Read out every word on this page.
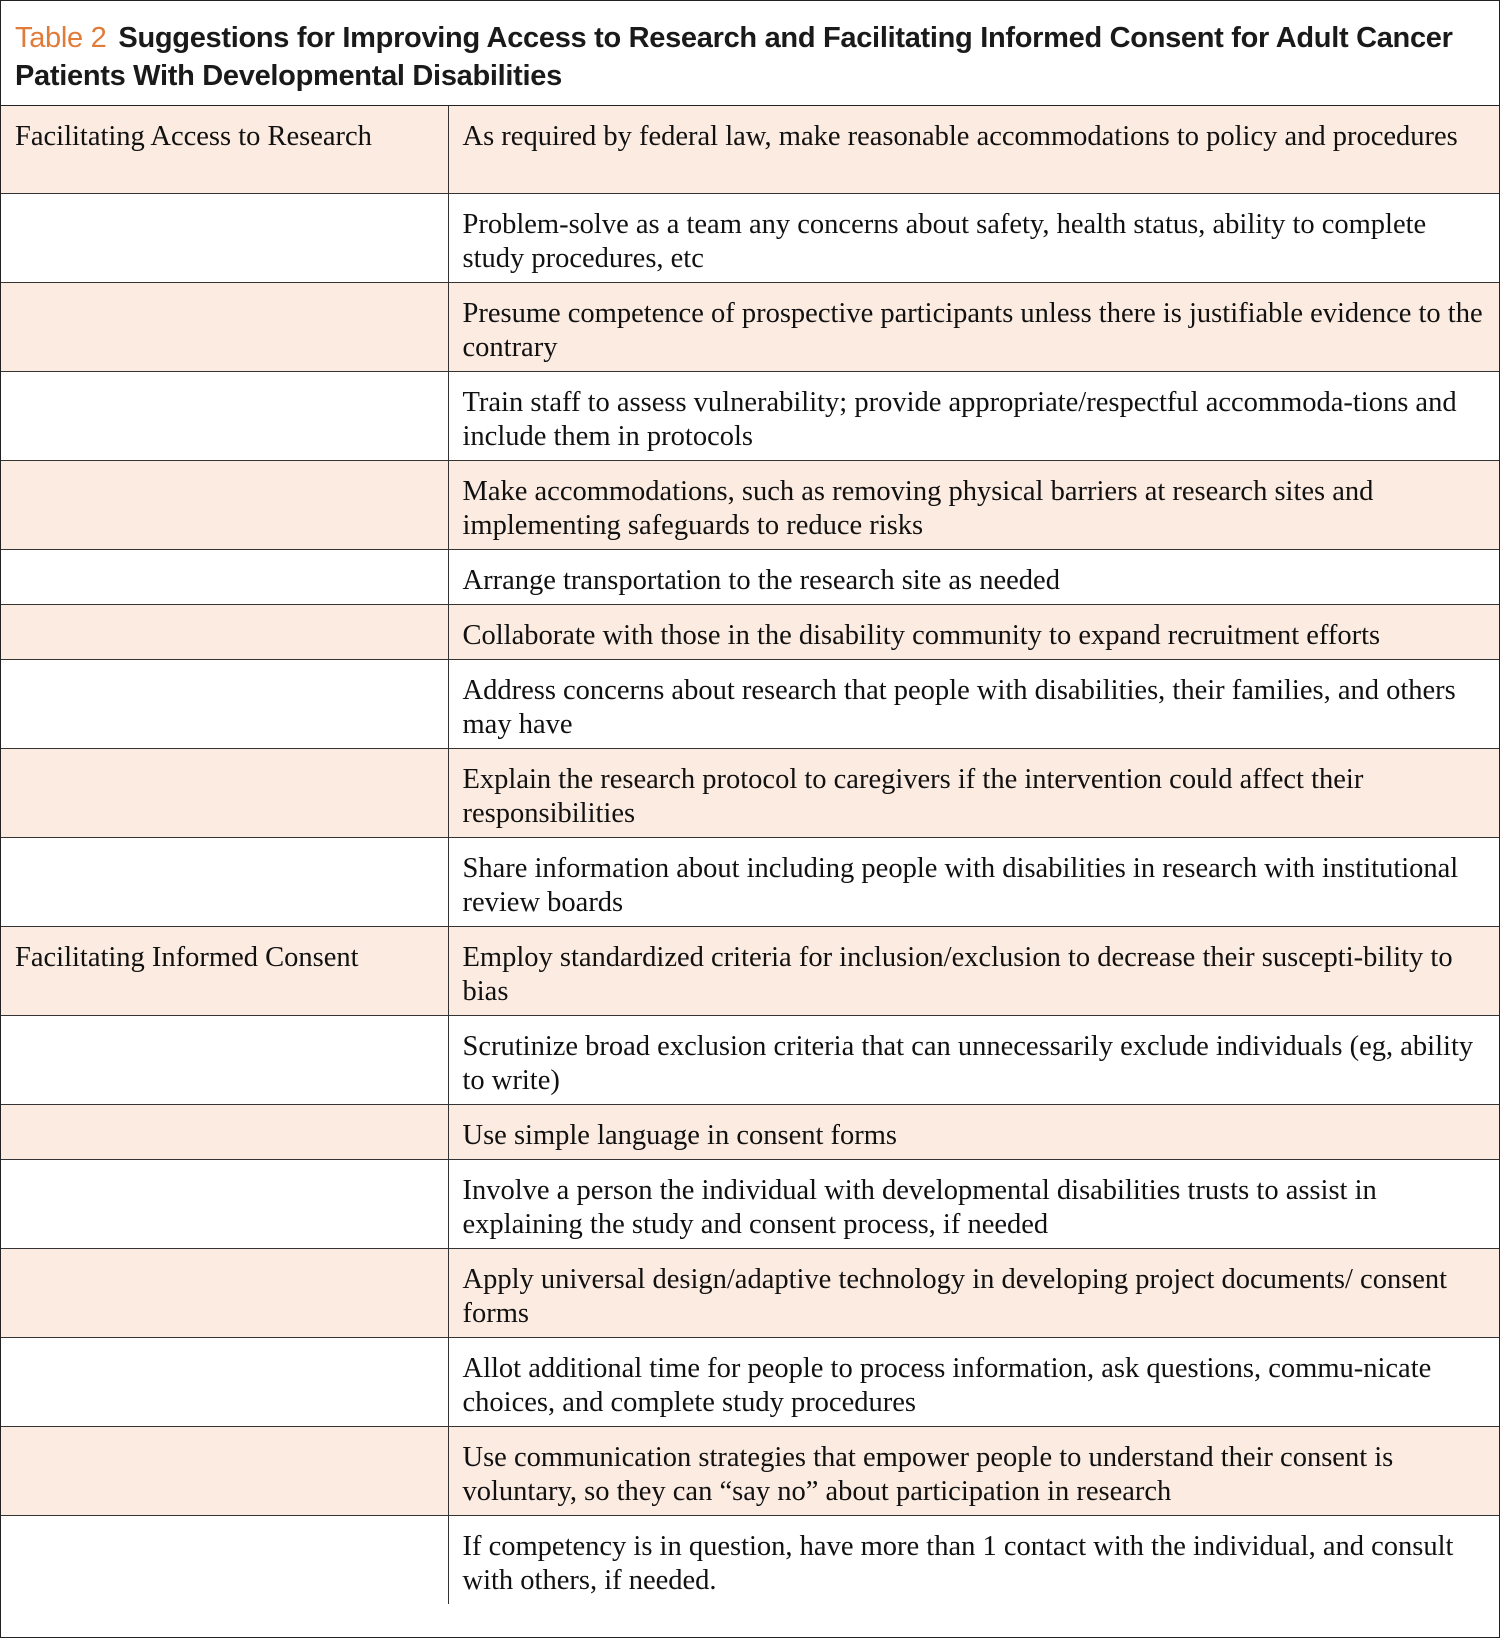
Table 2 Suggestions for Improving Access to Research and Facilitating Informed Consent for Adult Cancer Patients With Developmental Disabilities
Facilitating Access to Research	As required by federal law, make reasonable accommodations to policy and procedures
	Problem-solve as a team any concerns about safety, health status, ability to complete study procedures, etc
	Presume competence of prospective participants unless there is justifiable evidence to the contrary
	Train staff to assess vulnerability; provide appropriate/respectful accommoda-tions and include them in protocols
	Make accommodations, such as removing physical barriers at research sites and implementing safeguards to reduce risks
	Arrange transportation to the research site as needed
	Collaborate with those in the disability community to expand recruitment efforts
	Address concerns about research that people with disabilities, their families, and others may have
	Explain the research protocol to caregivers if the intervention could affect their responsibilities
	Share information about including people with disabilities in research with institutional review boards
Facilitating Informed Consent	Employ standardized criteria for inclusion/exclusion to decrease their suscepti-bility to bias
	Scrutinize broad exclusion criteria that can unnecessarily exclude individuals (eg, ability to write)
	Use simple language in consent forms
	Involve a person the individual with developmental disabilities trusts to assist in explaining the study and consent process, if needed
	Apply universal design/adaptive technology in developing project documents/ consent forms
	Allot additional time for people to process information, ask questions, commu-nicate choices, and complete study procedures
	Use communication strategies that empower people to understand their consent is voluntary, so they can “say no” about participation in research
	If competency is in question, have more than 1 contact with the individual, and consult with others, if needed.
